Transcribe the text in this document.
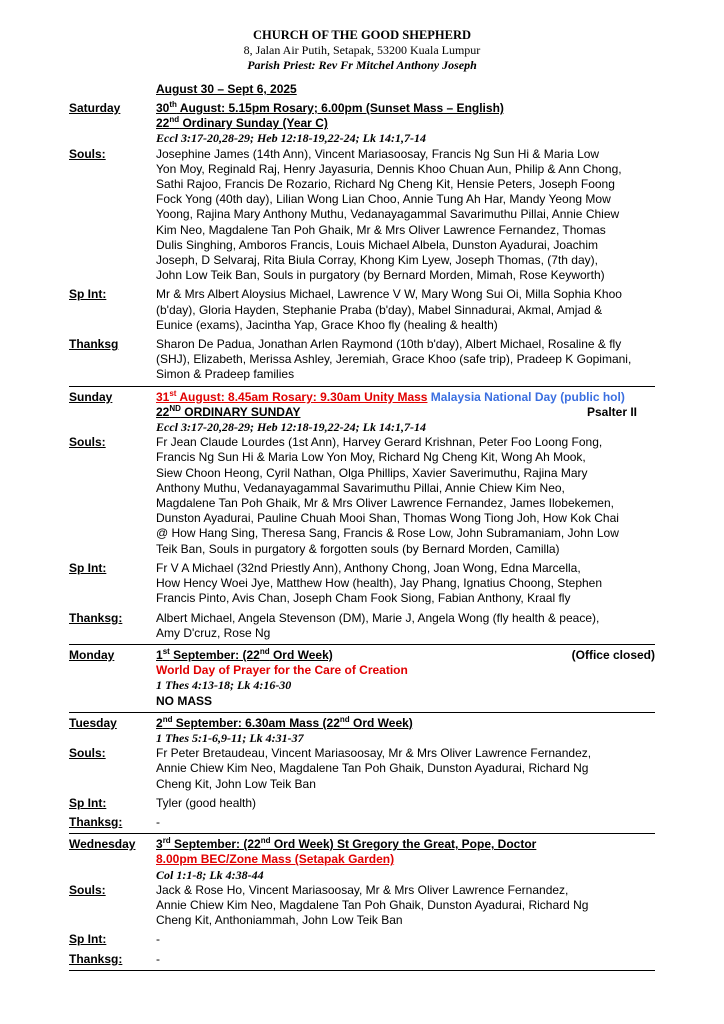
CHURCH OF THE GOOD SHEPHERD
8, Jalan Air Putih, Setapak, 53200 Kuala Lumpur
Parish Priest: Rev Fr Mitchel Anthony Joseph
August 30 – Sept 6, 2025
Saturday	30th August: 5.15pm Rosary; 6.00pm (Sunset Mass – English)
22nd Ordinary Sunday (Year C)
Eccl 3:17-20,28-29; Heb 12:18-19,22-24; Lk 14:1,7-14
Souls:	Josephine James (14th Ann), Vincent Mariasoosay, Francis Ng Sun Hi & Maria Low
Yon Moy, Reginald Raj, Henry Jayasuria, Dennis Khoo Chuan Aun, Philip & Ann Chong,
Sathi Rajoo, Francis De Rozario, Richard Ng Cheng Kit, Hensie Peters, Joseph Foong
Fock Yong (40th day), Lilian Wong Lian Choo, Annie Tung Ah Har, Mandy Yeong Mow
Yoong, Rajina Mary Anthony Muthu, Vedanayagammal Savarimuthu Pillai, Annie Chiew
Kim Neo, Magdalene Tan Poh Ghaik, Mr & Mrs Oliver Lawrence Fernandez, Thomas
Dulis Singhing, Amboros Francis, Louis Michael Albela, Dunston Ayadurai, Joachim
Joseph, D Selvaraj, Rita Biula Corray, Khong Kim Lyew, Joseph Thomas, (7th day),
John Low Teik Ban, Souls in purgatory (by Bernard Morden, Mimah, Rose Keyworth)
Sp Int:	Mr & Mrs Albert Aloysius Michael, Lawrence V W, Mary Wong Sui Oi, Milla Sophia Khoo
(b'day), Gloria Hayden, Stephanie Praba (b'day), Mabel Sinnadurai, Akmal, Amjad &
Eunice (exams), Jacintha Yap, Grace Khoo fly (healing & health)
Thanksg	Sharon De Padua, Jonathan Arlen Raymond (10th b'day), Albert Michael, Rosaline & fly
(SHJ), Elizabeth, Merissa Ashley, Jeremiah, Grace Khoo (safe trip), Pradeep K Gopimani,
Simon & Pradeep families
Sunday	31st August: 8.45am Rosary: 9.30am Unity Mass Malaysia National Day (public hol)
22ND ORDINARY SUNDAY	Psalter II
Eccl 3:17-20,28-29; Heb 12:18-19,22-24; Lk 14:1,7-14
Souls:	Fr Jean Claude Lourdes (1st Ann), Harvey Gerard Krishnan, Peter Foo Loong Fong,
Francis Ng Sun Hi & Maria Low Yon Moy, Richard Ng Cheng Kit, Wong Ah Mook,
Siew Choon Heong, Cyril Nathan, Olga Phillips, Xavier Saverimuthu, Rajina Mary
Anthony Muthu, Vedanayagammal Savarimuthu Pillai, Annie Chiew Kim Neo,
Magdalene Tan Poh Ghaik, Mr & Mrs Oliver Lawrence Fernandez, James Ilobekemen,
Dunston Ayadurai, Pauline Chuah Mooi Shan, Thomas Wong Tiong Joh, How Kok Chai
@ How Hang Sing, Theresa Sang, Francis & Rose Low, John Subramaniam, John Low
Teik Ban, Souls in purgatory & forgotten souls (by Bernard Morden, Camilla)
Sp Int:	Fr V A Michael (32nd Priestly Ann), Anthony Chong, Joan Wong, Edna Marcella,
How Hency Woei Jye, Matthew How (health), Jay Phang, Ignatius Choong, Stephen
Francis Pinto, Avis Chan, Joseph Cham Fook Siong, Fabian Anthony, Kraal fly
Thanksg:	Albert Michael, Angela Stevenson (DM), Marie J, Angela Wong (fly health & peace),
Amy D'cruz, Rose Ng
Monday	1st September: (22nd Ord Week)	(Office closed)
World Day of Prayer for the Care of Creation
1 Thes 4:13-18; Lk 4:16-30
NO MASS
Tuesday	2nd September: 6.30am Mass (22nd Ord Week)
1 Thes 5:1-6,9-11; Lk 4:31-37
Souls:	Fr Peter Bretaudeau, Vincent Mariasoosay, Mr & Mrs Oliver Lawrence Fernandez,
Annie Chiew Kim Neo, Magdalene Tan Poh Ghaik, Dunston Ayadurai, Richard Ng
Cheng Kit, John Low Teik Ban
Sp Int:	Tyler (good health)
Thanksg:	-
Wednesday	3rd September: (22nd Ord Week) St Gregory the Great, Pope, Doctor
8.00pm BEC/Zone Mass (Setapak Garden)
Col 1:1-8; Lk 4:38-44
Souls:	Jack & Rose Ho, Vincent Mariasoosay, Mr & Mrs Oliver Lawrence Fernandez,
Annie Chiew Kim Neo, Magdalene Tan Poh Ghaik, Dunston Ayadurai, Richard Ng
Cheng Kit, Anthoniammah, John Low Teik Ban
Sp Int:	-
Thanksg:	-
